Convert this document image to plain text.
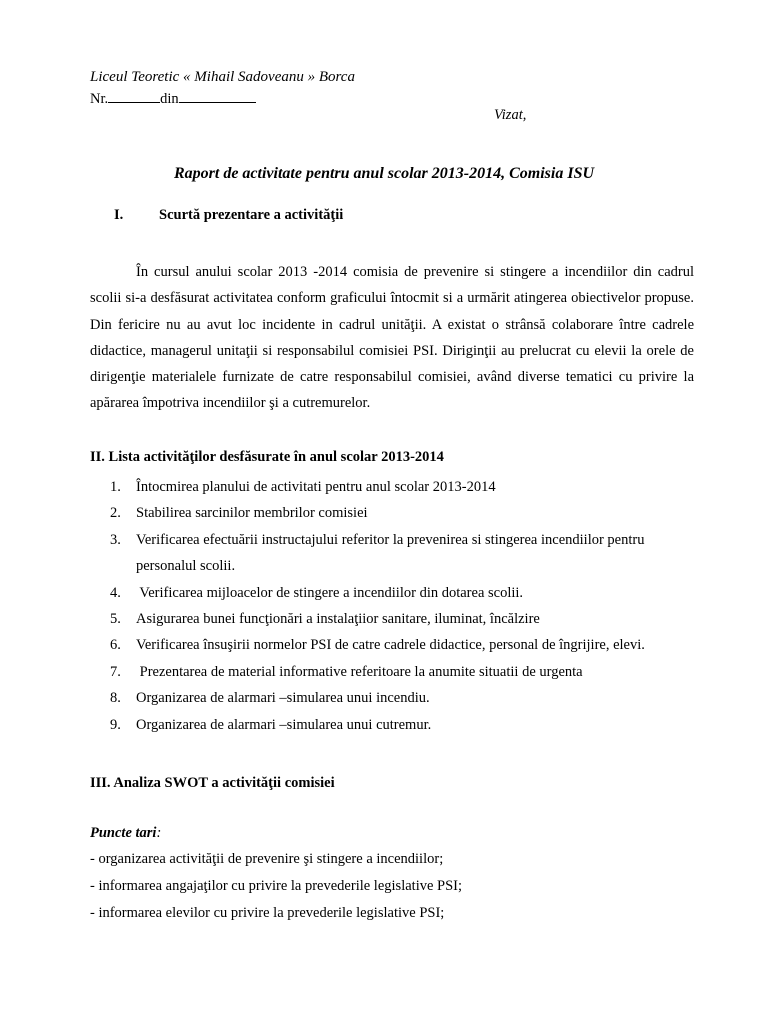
Liceul Teoretic « Mihail Sadoveanu » Borca
Nr.	din
Vizat,
Raport de activitate pentru anul scolar 2013-2014, Comisia ISU
I. Scurtă prezentare a activităţii
În cursul anului scolar 2013 -2014 comisia de prevenire si stingere a incendiilor din cadrul scolii si-a desfăsurat activitatea conform graficului întocmit si a urmărit atingerea obiectivelor propuse. Din fericire nu au avut loc incidente in cadrul unităţii. A existat o strânsă colaborare între cadrele didactice, managerul unitaţii si responsabilul comisiei PSI. Diriginţii au prelucrat cu elevii la orele de dirigenţie materialele furnizate de catre responsabilul comisiei, având diverse tematici cu privire la apărarea împotriva incendiilor şi a cutremurelor.
II. Lista activităţilor desfăsurate în anul scolar 2013-2014
1. Întocmirea planului de activitati pentru anul scolar 2013-2014
2. Stabilirea sarcinilor membrilor comisiei
3. Verificarea efectuării instructajului referitor la prevenirea si stingerea incendiilor pentru personalul scolii.
4. Verificarea mijloacelor de stingere a incendiilor din dotarea scolii.
5. Asigurarea bunei funcţionări a instalaţiior sanitare, iluminat, încălzire
6. Verificarea însuşirii normelor PSI de catre cadrele didactice, personal de îngrijire, elevi.
7. Prezentarea de material informative referitoare la anumite situatii de urgenta
8. Organizarea de alarmari –simularea unui incendiu.
9. Organizarea de alarmari –simularea unui cutremur.
III. Analiza SWOT a activităţii comisiei
Puncte tari:
- organizarea activităţii de prevenire şi stingere a incendiilor;
- informarea angajaţilor cu privire la prevederile legislative PSI;
- informarea elevilor cu privire la prevederile legislative PSI;
